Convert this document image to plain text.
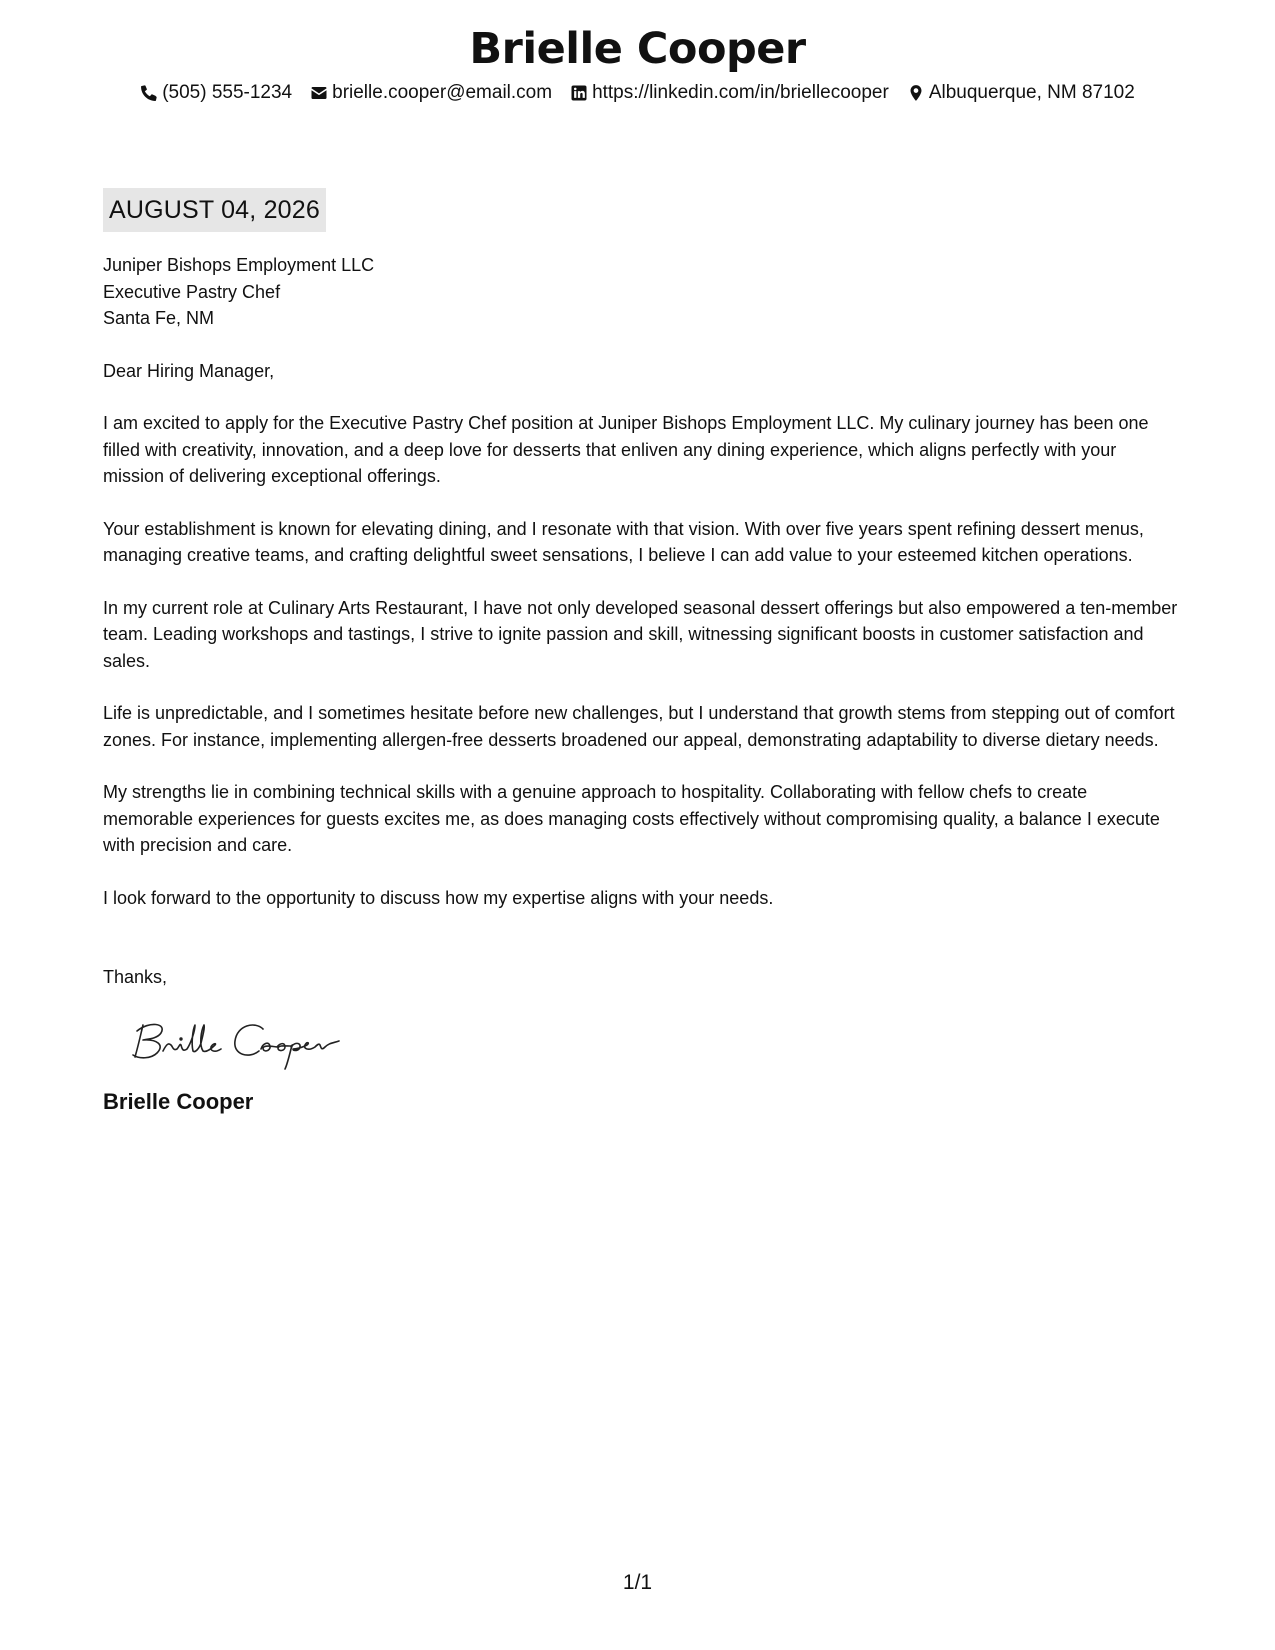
Brielle Cooper
(505) 555-1234 brielle.cooper@email.com https://linkedin.com/in/briellecooper Albuquerque, NM 87102
AUGUST 04, 2026
Juniper Bishops Employment LLC
Executive Pastry Chef
Santa Fe, NM
Dear Hiring Manager,

I am excited to apply for the Executive Pastry Chef position at Juniper Bishops Employment LLC. My culinary journey has been one filled with creativity, innovation, and a deep love for desserts that enliven any dining experience, which aligns perfectly with your mission of delivering exceptional offerings.

Your establishment is known for elevating dining, and I resonate with that vision. With over five years spent refining dessert menus, managing creative teams, and crafting delightful sweet sensations, I believe I can add value to your esteemed kitchen operations.

In my current role at Culinary Arts Restaurant, I have not only developed seasonal dessert offerings but also empowered a ten-member team. Leading workshops and tastings, I strive to ignite passion and skill, witnessing significant boosts in customer satisfaction and sales.

Life is unpredictable, and I sometimes hesitate before new challenges, but I understand that growth stems from stepping out of comfort zones. For instance, implementing allergen-free desserts broadened our appeal, demonstrating adaptability to diverse dietary needs.

My strengths lie in combining technical skills with a genuine approach to hospitality. Collaborating with fellow chefs to create memorable experiences for guests excites me, as does managing costs effectively without compromising quality, a balance I execute with precision and care.

I look forward to the opportunity to discuss how my expertise aligns with your needs.

Thanks,
Brielle Cooper
1/1
